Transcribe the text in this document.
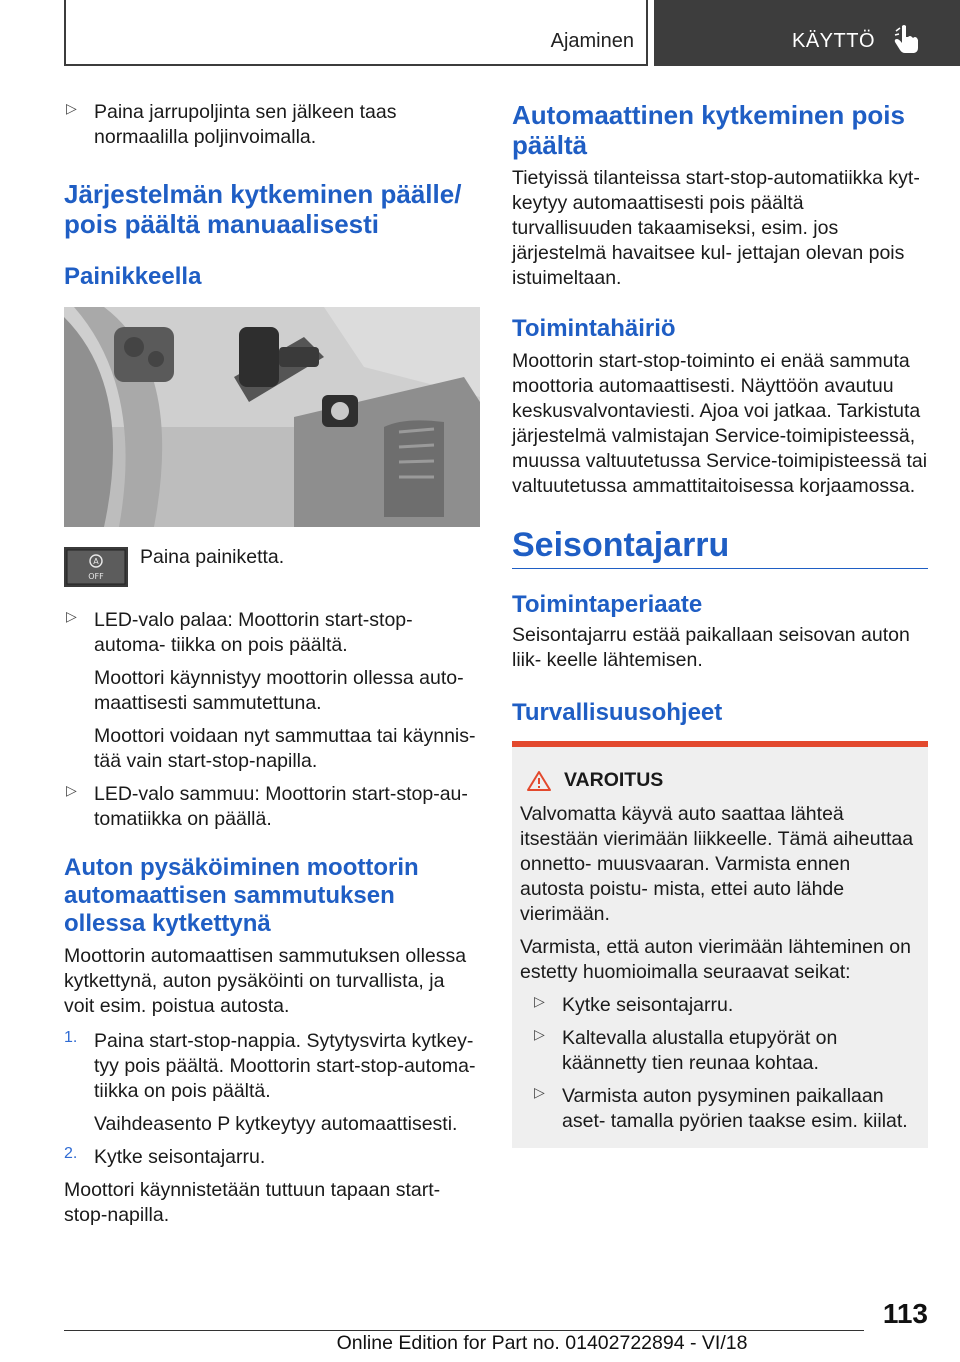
Ajaminen	KÄYTTÖ
▷ Paina jarrupoljinta sen jälkeen taas normaalilla poljinvoimalla.

Järjestelmän kytkeminen päälle/ pois päältä manuaalisesti
Painikkeella
A
OFF

Paina painiketta.

▷ LED-valo palaa: Moottorin start-stop-automa‐ tiikka on pois päältä.

Moottori käynnistyy moottorin ollessa auto‐ maattisesti sammutettuna.

Moottori voidaan nyt sammuttaa tai käynnis‐ tää vain start-stop-napilla.

▷ LED-valo sammuu: Moottorin start-stop-au‐ tomatiikka on päällä.

Auton pysäköiminen moottorin automaattisen sammutuksen ollessa kytkettynä

Moottorin automaattisen sammutuksen ollessa kytkettynä, auton pysäköinti on turvallista, ja voit esim. poistua autosta.

1. Paina start-stop-nappia. Sytytysvirta kytkey‐ tyy pois päältä. Moottorin start-stop-automa‐ tiikka on pois päältä.

Vaihdeasento P kytkeytyy automaattisesti.

2. Kytke seisontajarru.

Moottori käynnistetään tuttuun tapaan start- stop-napilla.

Automaattinen kytkeminen pois päältä

Tietyissä tilanteissa start-stop-automatiikka kyt‐ keytyy automaattisesti pois päältä turvallisuuden takaamiseksi, esim. jos järjestelmä havaitsee kul‐ jettajan olevan pois istuimeltaan.

Toimintahäiriö

Moottorin start-stop-toiminto ei enää sammuta moottoria automaattisesti. Näyttöön avautuu keskusvalvontaviesti. Ajoa voi jatkaa. Tarkistuta järjestelmä valmistajan Service-toimipisteessä, muussa valtuutetussa Service-toimipisteessä tai valtuutetussa ammattitaitoisessa korjaamossa.

Seisontajarru
Toimintaperiaate

Seisontajarru estää paikallaan seisovan auton liik‐ keelle lähtemisen.

Turvallisuusohjeet
VAROITUS

Valvomatta käyvä auto saattaa lähteä itsestään vierimään liikkeelle. Tämä aiheuttaa onnetto‐ muusvaaran. Varmista ennen autosta poistu‐ mista, ettei auto lähde vierimään.

Varmista, että auton vierimään lähteminen on estetty huomioimalla seuraavat seikat:

▷ Kytke seisontajarru.

▷ Kaltevalla alustalla etupyörät on käännetty tien reunaa kohtaa.

▷ Varmista auton pysyminen paikallaan aset‐ tamalla pyörien taakse esim. kiilat.

113
Online Edition for Part no. 01402722894 - VI/18
